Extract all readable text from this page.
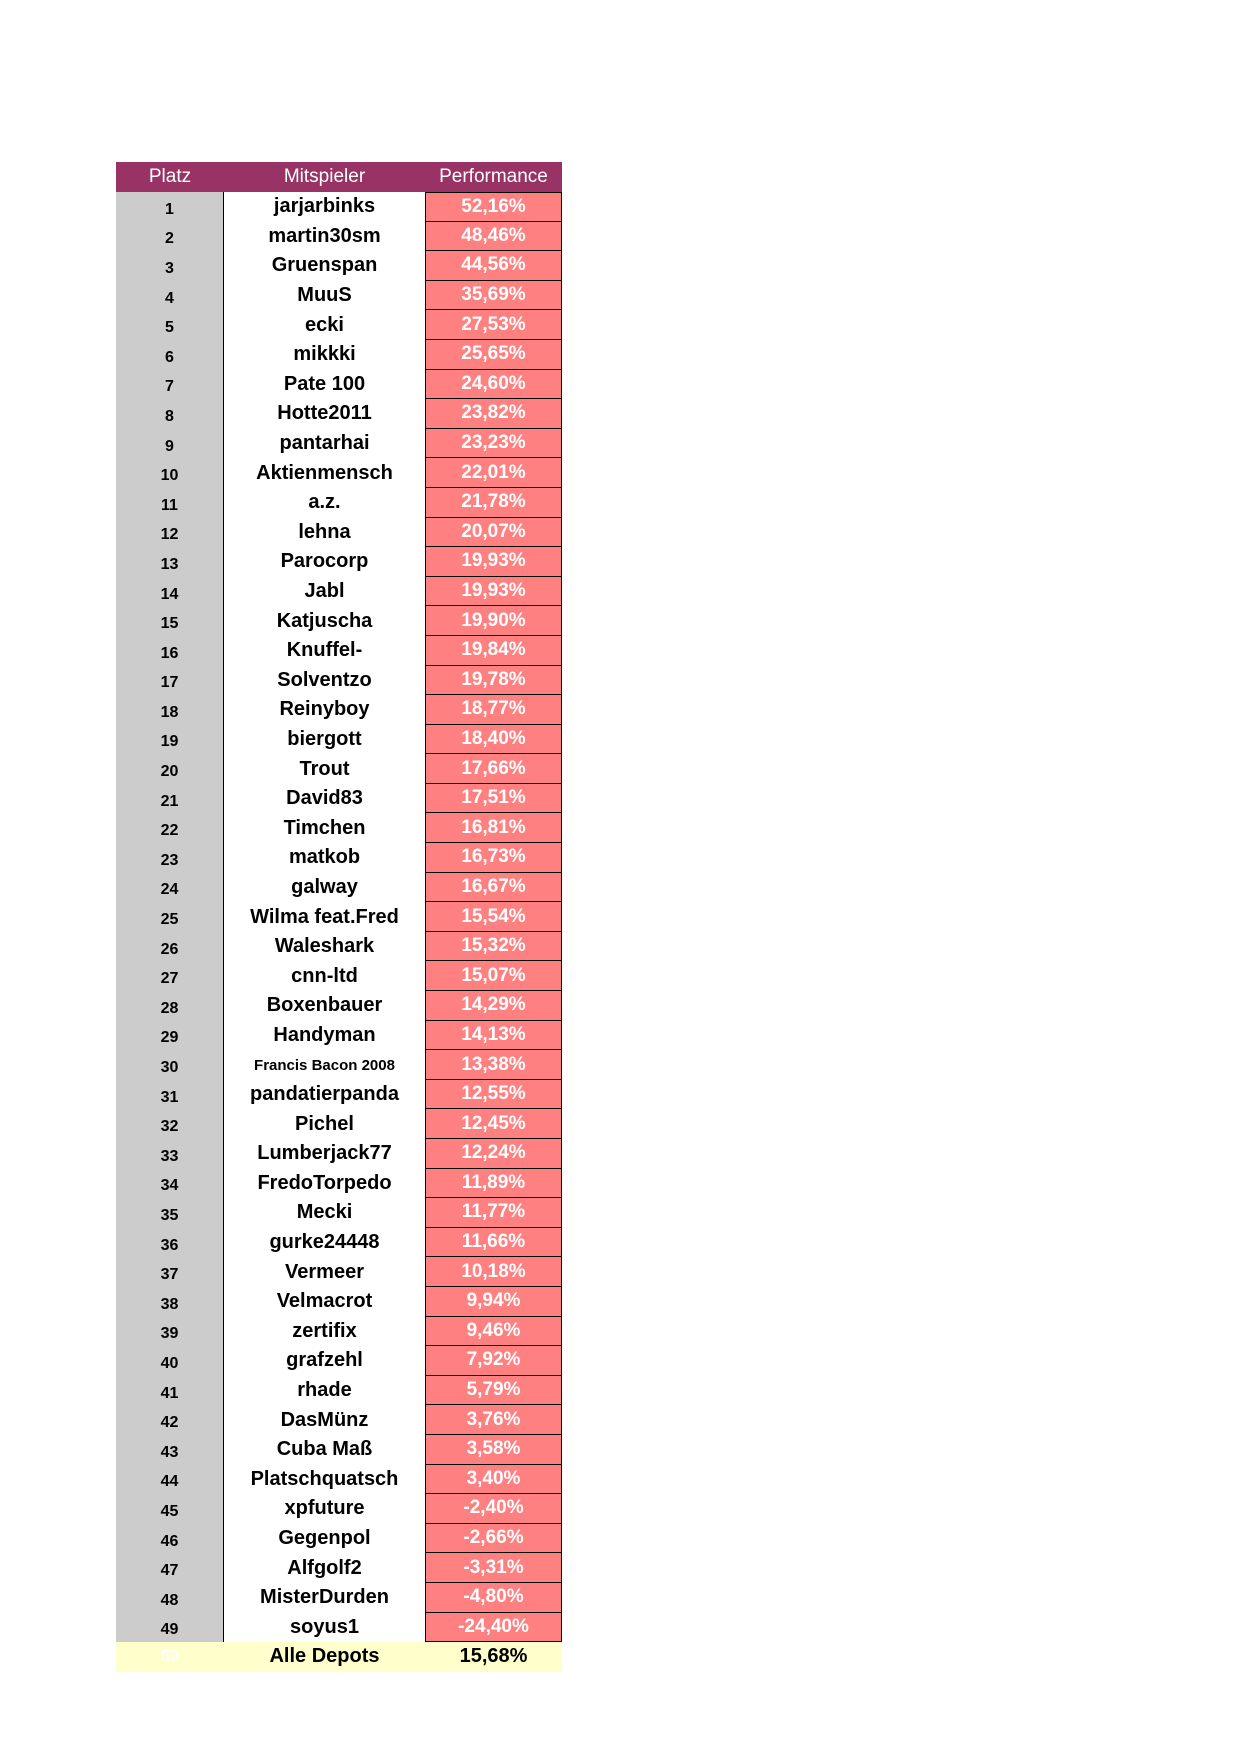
Platz	Mitspieler	Performance
1	jarjarbinks	52,16%
2	martin30sm	48,46%
3	Gruenspan	44,56%
4	MuuS	35,69%
5	ecki	27,53%
6	mikkki	25,65%
7	Pate 100	24,60%
8	Hotte2011	23,82%
9	pantarhai	23,23%
10	Aktienmensch	22,01%
11	a.z.	21,78%
12	lehna	20,07%
13	Parocorp	19,93%
14	Jabl	19,93%
15	Katjuscha	19,90%
16	Knuffel-	19,84%
17	Solventzo	19,78%
18	Reinyboy	18,77%
19	biergott	18,40%
20	Trout	17,66%
21	David83	17,51%
22	Timchen	16,81%
23	matkob	16,73%
24	galway	16,67%
25	Wilma feat.Fred	15,54%
26	Waleshark	15,32%
27	cnn-ltd	15,07%
28	Boxenbauer	14,29%
29	Handyman	14,13%
30	Francis Bacon 2008	13,38%
31	pandatierpanda	12,55%
32	Pichel	12,45%
33	Lumberjack77	12,24%
34	FredoTorpedo	11,89%
35	Mecki	11,77%
36	gurke24448	11,66%
37	Vermeer	10,18%
38	Velmacrot	9,94%
39	zertifix	9,46%
40	grafzehl	7,92%
41	rhade	5,79%
42	DasMünz	3,76%
43	Cuba Maß	3,58%
44	Platschquatsch	3,40%
45	xpfuture	-2,40%
46	Gegenpol	-2,66%
47	Alfgolf2	-3,31%
48	MisterDurden	-4,80%
49	soyus1	-24,40%
50	Alle Depots	15,68%
